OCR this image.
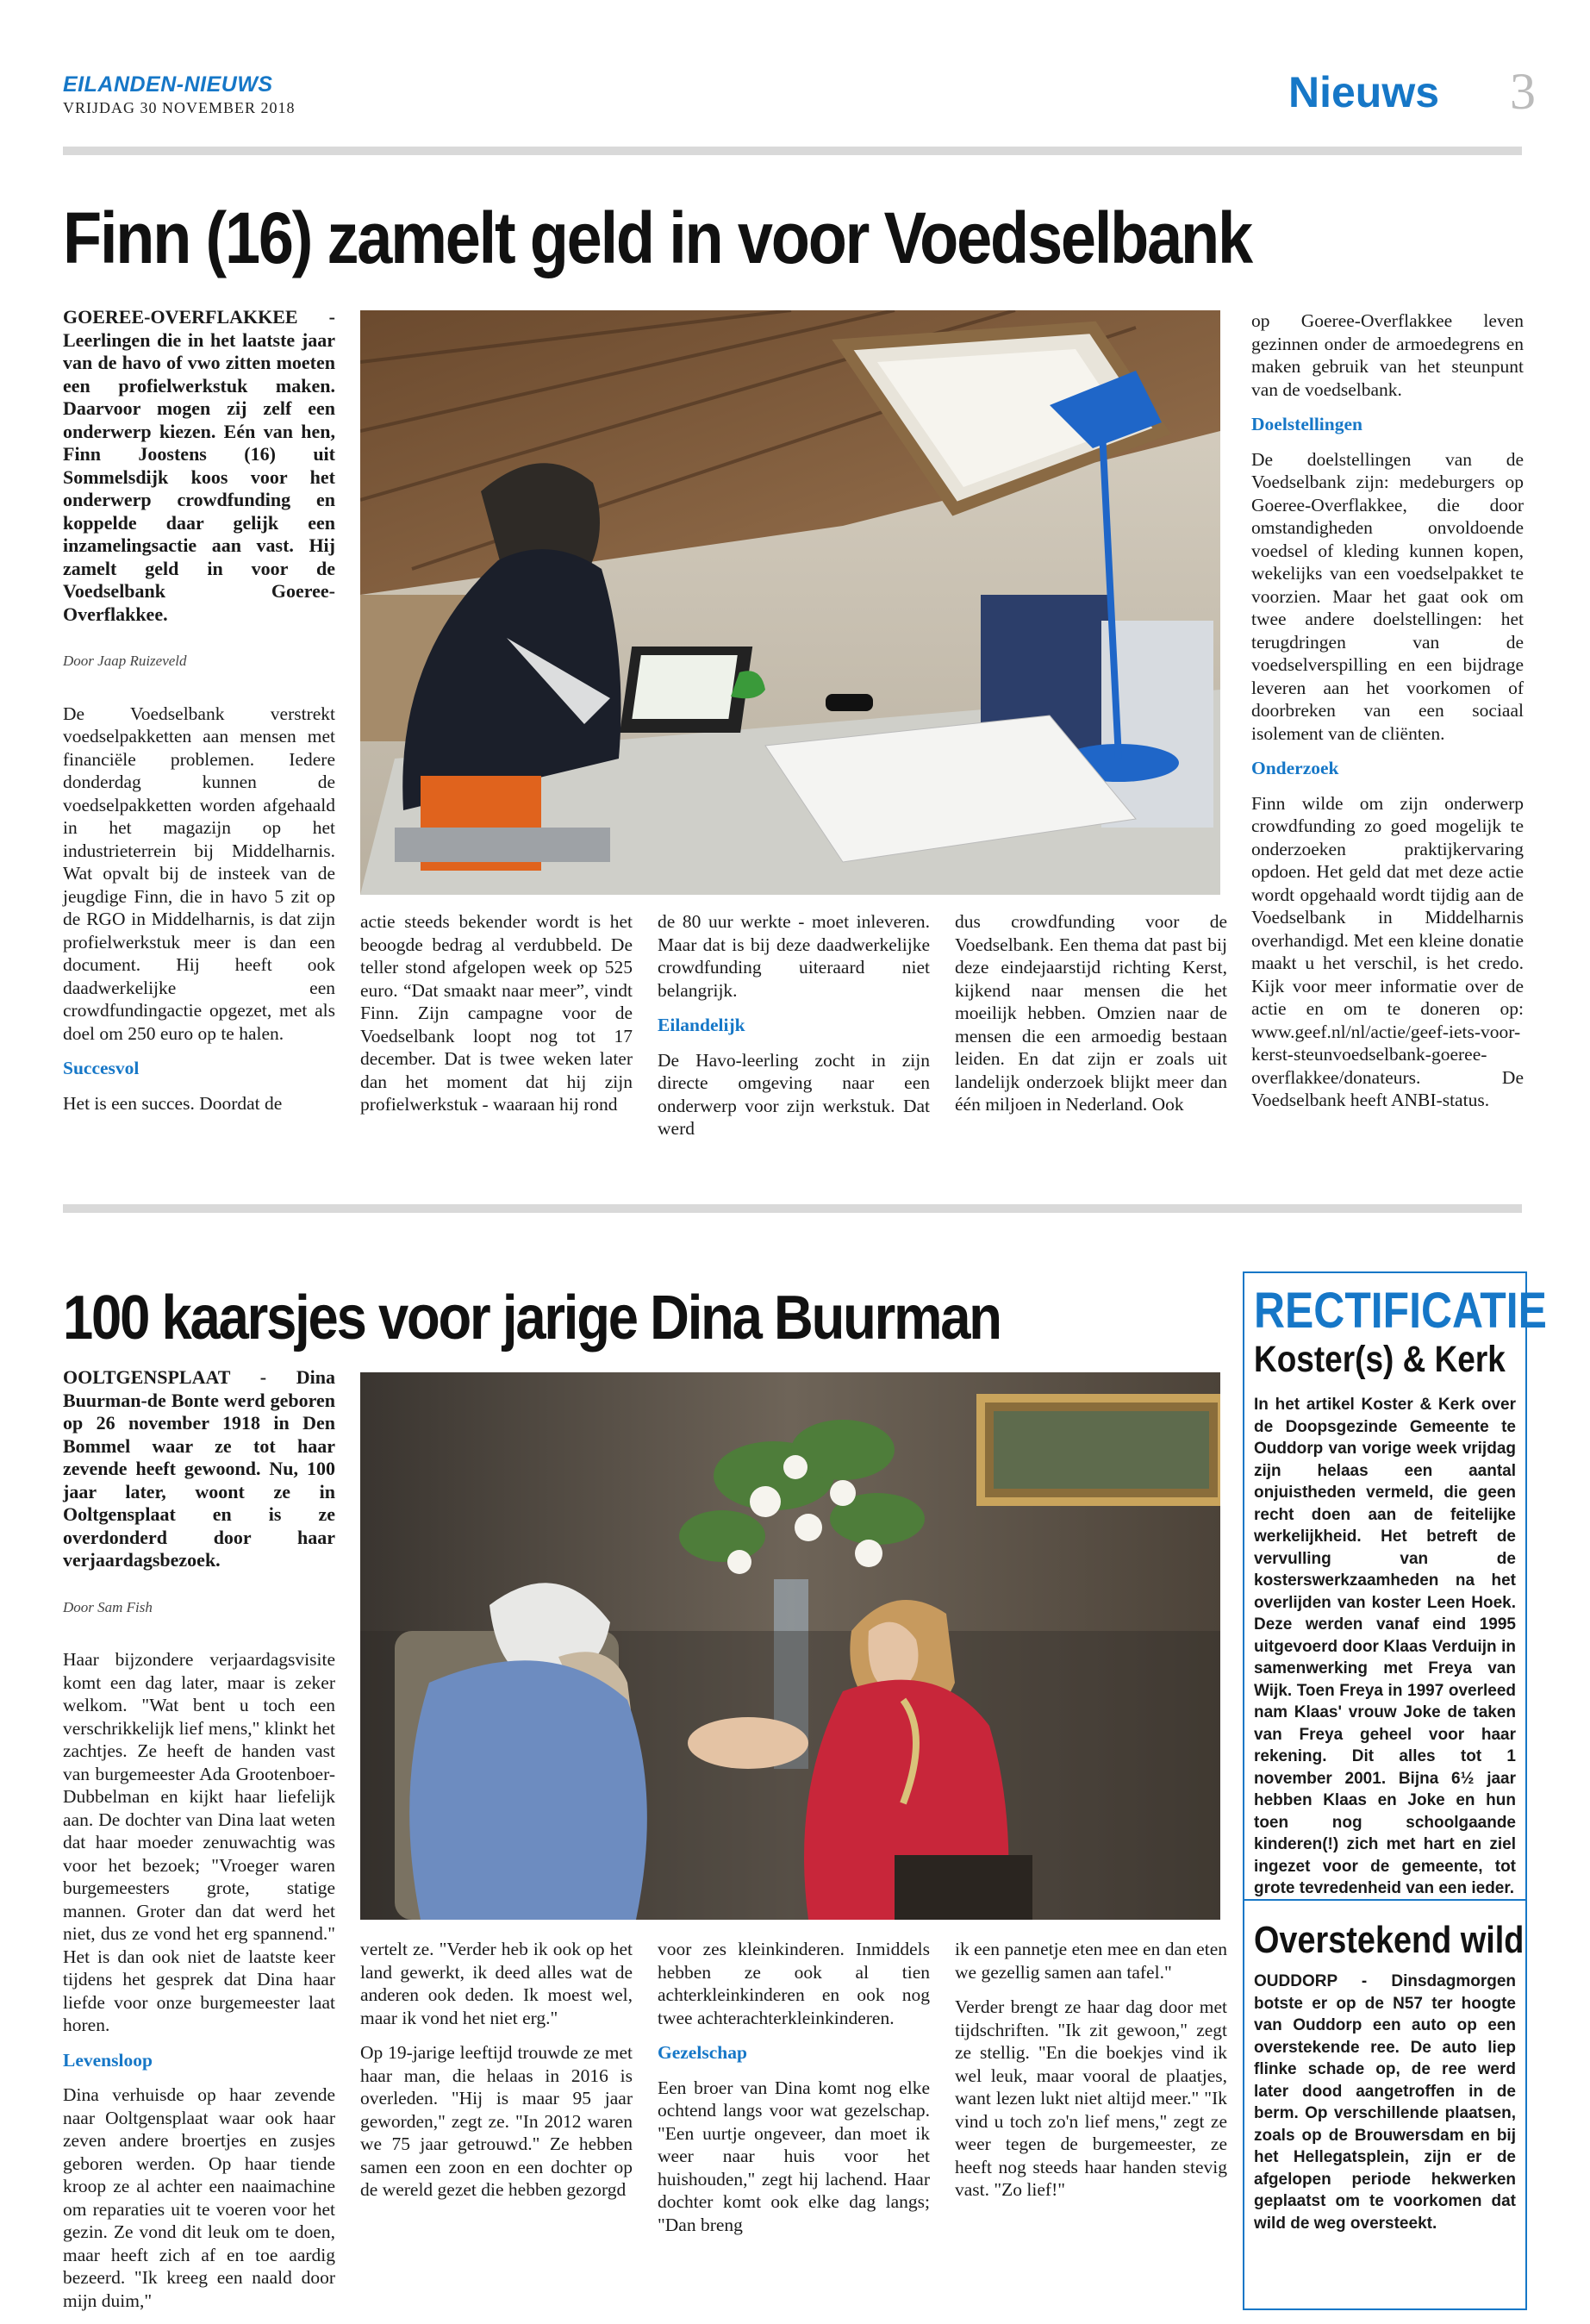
EILANDEN-NIEUWS
VRIJDAG 30 NOVEMBER 2018	Nieuws 3
Finn (16) zamelt geld in voor Voedselbank

GOEREE-OVERFLAKKEE - Leerlingen die in het laatste jaar van de havo of vwo zitten moeten een profielwerkstuk maken. Daarvoor mogen zij zelf een onderwerp kiezen. Eén van hen, Finn Joostens (16) uit Sommelsdijk koos voor het onderwerp crowdfunding en koppelde daar gelijk een inzamelingsactie aan vast. Hij zamelt geld in voor de Voedselbank Goeree-Overflakkee.

Door Jaap Ruizeveld

De Voedselbank verstrekt voedselpakketten aan mensen met financiële problemen. Iedere donderdag kunnen de voedselpakketten worden afgehaald in het magazijn op het industrieterrein bij Middelharnis. Wat opvalt bij de insteek van de jeugdige Finn, die in havo 5 zit op de RGO in Middelharnis, is dat zijn profielwerkstuk meer is dan een document. Hij heeft ook daadwerkelijke een crowdfundingactie opgezet, met als doel om 250 euro op te halen.

Succesvol

Het is een succes. Doordat de

actie steeds bekender wordt is het beoogde bedrag al verdubbeld. De teller stond afgelopen week op 525 euro. “Dat smaakt naar meer”, vindt Finn. Zijn campagne voor de Voedselbank loopt nog tot 17 december. Dat is twee weken later dan het moment dat hij zijn profielwerkstuk - waaraan hij rond

de 80 uur werkte - moet inleveren. Maar dat is bij deze daadwerkelijke crowdfunding uiteraard niet belangrijk.

Eilandelijk

De Havo-leerling zocht in zijn directe omgeving naar een onderwerp voor zijn werkstuk. Dat werd

dus crowdfunding voor de Voedselbank. Een thema dat past bij deze eindejaarstijd richting Kerst, kijkend naar mensen die het moeilijk hebben. Omzien naar de mensen die een armoedig bestaan leiden. En dat zijn er zoals uit landelijk onderzoek blijkt meer dan één miljoen in Nederland. Ook

op Goeree-Overflakkee leven gezinnen onder de armoedegrens en maken gebruik van het steunpunt van de voedselbank.

Doelstellingen

De doelstellingen van de Voedselbank zijn: medeburgers op Goeree-Overflakkee, die door omstandigheden onvoldoende voedsel of kleding kunnen kopen, wekelijks van een voedselpakket te voorzien. Maar het gaat ook om twee andere doelstellingen: het terugdringen van de voedselverspilling en een bijdrage leveren aan het voorkomen of doorbreken van een sociaal isolement van de cliënten.

Onderzoek

Finn wilde om zijn onderwerp crowdfunding zo goed mogelijk te onderzoeken praktijkervaring opdoen. Het geld dat met deze actie wordt opgehaald wordt tijdig aan de Voedselbank in Middelharnis overhandigd. Met een kleine donatie maakt u het verschil, is het credo. Kijk voor meer informatie over de actie en om te doneren op: www.geef.nl/nl/actie/geef-iets-voor-kerst-steunvoedselbank-goeree-overflakkee/donateurs. De Voedselbank heeft ANBI-status.

100 kaarsjes voor jarige Dina Buurman

OOLTGENSPLAAT - Dina Buurman-de Bonte werd geboren op 26 november 1918 in Den Bommel waar ze tot haar zevende heeft gewoond. Nu, 100 jaar later, woont ze in Ooltgensplaat en is ze overdonderd door haar verjaardagsbezoek.

Door Sam Fish

Haar bijzondere verjaardagsvisite komt een dag later, maar is zeker welkom. "Wat bent u toch een verschrikkelijk lief mens," klinkt het zachtjes. Ze heeft de handen vast van burgemeester Ada Grootenboer-Dubbelman en kijkt haar liefelijk aan. De dochter van Dina laat weten dat haar moeder zenuwachtig was voor het bezoek; "Vroeger waren burgemeesters grote, statige mannen. Groter dan dat werd het niet, dus ze vond het erg spannend." Het is dan ook niet de laatste keer tijdens het gesprek dat Dina haar liefde voor onze burgemeester laat horen.

Levensloop

Dina verhuisde op haar zevende naar Ooltgensplaat waar ook haar zeven andere broertjes en zusjes geboren werden. Op haar tiende kroop ze al achter een naaimachine om reparaties uit te voeren voor het gezin. Ze vond dit leuk om te doen, maar heeft zich af en toe aardig bezeerd. "Ik kreeg een naald door mijn duim,"

vertelt ze. "Verder heb ik ook op het land gewerkt, ik deed alles wat de anderen ook deden. Ik moest wel, maar ik vond het niet erg."

Op 19-jarige leeftijd trouwde ze met haar man, die helaas in 2016 is overleden. "Hij is maar 95 jaar geworden," zegt ze. "In 2012 waren we 75 jaar getrouwd." Ze hebben samen een zoon en een dochter op de wereld gezet die hebben gezorgd

voor zes kleinkinderen. Inmiddels hebben ze ook al tien achterkleinkinderen en ook nog twee achterachterkleinkinderen.

Gezelschap

Een broer van Dina komt nog elke ochtend langs voor wat gezelschap. "Een uurtje ongeveer, dan moet ik weer naar huis voor het huishouden," zegt hij lachend. Haar dochter komt ook elke dag langs; "Dan breng

ik een pannetje eten mee en dan eten we gezellig samen aan tafel."

Verder brengt ze haar dag door met tijdschriften. "Ik zit gewoon," zegt ze stellig. "En die boekjes vind ik wel leuk, maar vooral de plaatjes, want lezen lukt niet altijd meer." "Ik vind u toch zo'n lief mens," zegt ze weer tegen de burgemeester, ze heeft nog steeds haar handen stevig vast. "Zo lief!"

RECTIFICATIE
Koster(s) & Kerk
In het artikel Koster & Kerk over de Doopsgezinde Gemeente te Ouddorp van vorige week vrijdag zijn helaas een aantal onjuistheden vermeld, die geen recht doen aan de feitelijke werkelijkheid. Het betreft de vervulling van de kosterswerkzaamheden na het overlijden van koster Leen Hoek. Deze werden vanaf eind 1995 uitgevoerd door Klaas Verduijn in samenwerking met Freya van Wijk. Toen Freya in 1997 overleed nam Klaas' vrouw Joke de taken van Freya geheel voor haar rekening. Dit alles tot 1 november 2001. Bijna 6½ jaar hebben Klaas en Joke en hun toen nog schoolgaande kinderen(!) zich met hart en ziel ingezet voor de gemeente, tot grote tevredenheid van een ieder.
Overstekend wild
OUDDORP - Dinsdagmorgen botste er op de N57 ter hoogte van Ouddorp een auto op een overstekende ree. De auto liep flinke schade op, de ree werd later dood aangetroffen in de berm. Op verschillende plaatsen, zoals op de Brouwersdam en bij het Hellegatsplein, zijn er de afgelopen periode hekwerken geplaatst om te voorkomen dat wild de weg oversteekt.
